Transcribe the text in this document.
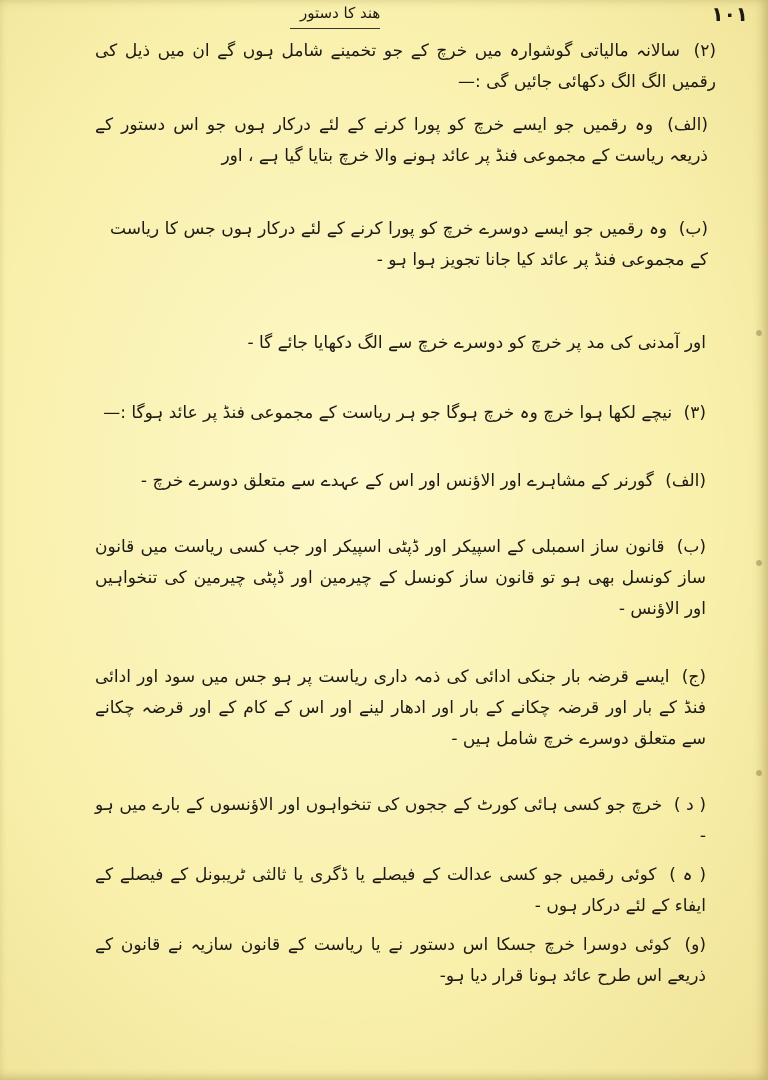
۱۰۱
هند کا دستور

(۲) سالانہ مالیاتی گوشوارہ میں خرچ کے جو تخمینے شامل ہوں گے ان میں ذیل کی رقمیں الگ الگ دکھائی جائیں گی :—

(الف) وہ رقمیں جو ایسے خرچ کو پورا کرنے کے لئے درکار ہوں جو اس دستور کے ذریعہ ریاست کے مجموعی فنڈ پر عائد ہونے والا خرچ بتایا گیا ہے ، اور

(ب) وہ رقمیں جو ایسے دوسرے خرچ کو پورا کرنے کے لئے درکار ہوں جس کا ریاست کے مجموعی فنڈ پر عائد کیا جانا تجویز ہوا ہو -

اور آمدنی کی مد پر خرچ کو دوسرے خرچ سے الگ دکھایا جائے گا -

(۳) نیچے لکھا ہوا خرچ وہ خرچ ہوگا جو ہر ریاست کے مجموعی فنڈ پر عائد ہوگا :—

(الف) گورنر کے مشاہرے اور الاؤنس اور اس کے عہدے سے متعلق دوسرے خرچ -

(ب) قانون ساز اسمبلی کے اسپیکر اور ڈپٹی اسپیکر اور جب کسی ریاست میں قانون ساز کونسل بھی ہو تو قانون ساز کونسل کے چیرمین اور ڈپٹی چیرمین کی تنخواہیں اور الاؤنس -

(ج) ایسے قرضہ بار جنکی ادائی کی ذمہ داری ریاست پر ہو جس میں سود اور ادائی فنڈ کے بار اور قرضہ چکانے کے بار اور ادھار لینے اور اس کے کام کے اور قرضہ چکانے سے متعلق دوسرے خرچ شامل ہیں -

( د ) خرچ جو کسی ہائی کورٹ کے ججوں کی تنخواہوں اور الاؤنسوں کے بارے میں ہو -

( ہ ) کوئی رقمیں جو کسی عدالت کے فیصلے یا ڈگری یا ثالثی ٹریبونل کے فیصلے کے ایفاء کے لئے درکار ہوں -

(و) کوئی دوسرا خرچ جسکا اس دستور نے یا ریاست کے قانون سازیہ نے قانون کے ذریعے اس طرح عائد ہونا قرار دیا ہو-
